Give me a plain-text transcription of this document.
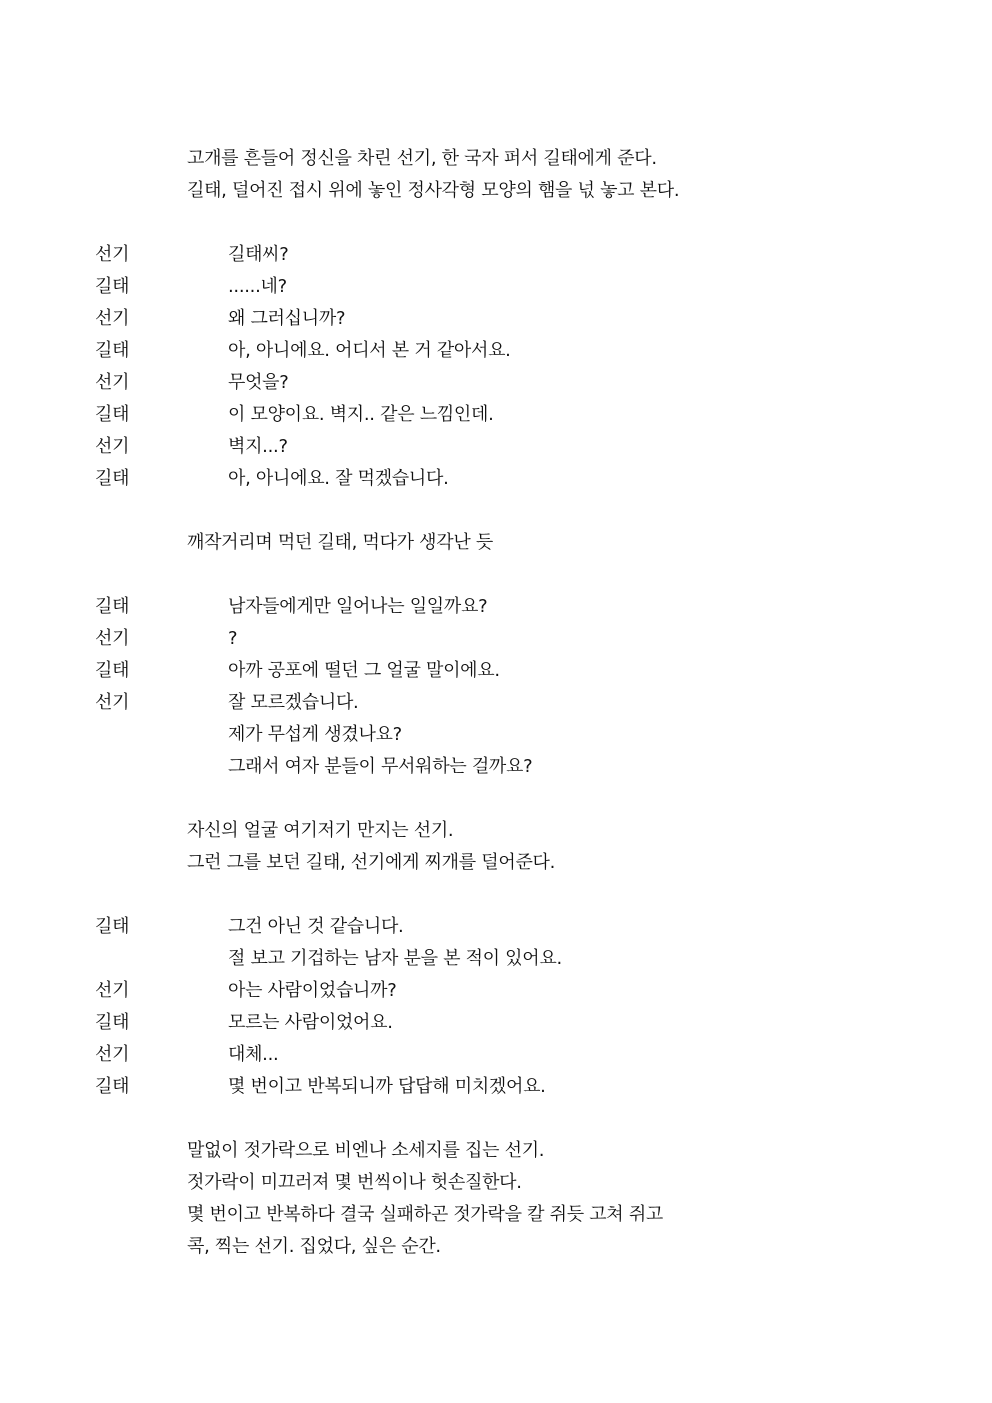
고개를 흔들어 정신을 차린 선기, 한 국자 퍼서 길태에게 준다.
길태, 덜어진 접시 위에 놓인 정사각형 모양의 햄을 넋 놓고 본다.
선기	길태씨?
길태	......네?
선기	왜 그러십니까?
길태	아, 아니에요. 어디서 본 거 같아서요.
선기	무엇을?
길태	이 모양이요. 벽지.. 같은 느낌인데.
선기	벽지...?
길태	아, 아니에요. 잘 먹겠습니다.
깨작거리며 먹던 길태, 먹다가 생각난 듯
길태	남자들에게만 일어나는 일일까요?
선기	?
길태	아까 공포에 떨던 그 얼굴 말이에요.
선기	잘 모르겠습니다.
제가 무섭게 생겼나요?
그래서 여자 분들이 무서워하는 걸까요?
자신의 얼굴 여기저기 만지는 선기.
그런 그를 보던 길태, 선기에게 찌개를 덜어준다.
길태	그건 아닌 것 같습니다.
절 보고 기겁하는 남자 분을 본 적이 있어요.
선기	아는 사람이었습니까?
길태	모르는 사람이었어요.
선기	대체...
길태	몇 번이고 반복되니까 답답해 미치겠어요.
말없이 젓가락으로 비엔나 소세지를 집는 선기.
젓가락이 미끄러져 몇 번씩이나 헛손질한다.
몇 번이고 반복하다 결국 실패하곤 젓가락을 칼 쥐듯 고쳐 쥐고
콕, 찍는 선기. 집었다, 싶은 순간.
